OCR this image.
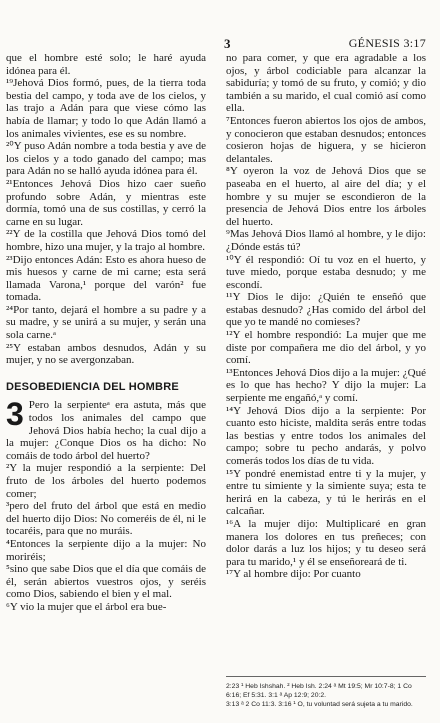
3	GÉNESIS 3:17

que el hombre esté solo; le haré ayuda idónea para él.

¹⁹Jehová Dios formó, pues, de la tierra toda bestia del campo, y toda ave de los cielos, y las trajo a Adán para que viese cómo las había de llamar; y todo lo que Adán llamó a los animales vivientes, ese es su nombre.

²⁰Y puso Adán nombre a toda bestia y ave de los cielos y a todo ganado del campo; mas para Adán no se halló ayuda idónea para él.

²¹Entonces Jehová Dios hizo caer sueño profundo sobre Adán, y mientras este dormía, tomó una de sus costillas, y cerró la carne en su lugar.

²²Y de la costilla que Jehová Dios tomó del hombre, hizo una mujer, y la trajo al hombre.

²³Dijo entonces Adán: Esto es ahora hueso de mis huesos y carne de mi carne; esta será llamada Varona,¹ porque del varón² fue tomada.

²⁴Por tanto, dejará el hombre a su padre y a su madre, y se unirá a su mujer, y serán una sola carne.ᵃ

²⁵Y estaban ambos desnudos, Adán y su mujer, y no se avergonzaban.

DESOBEDIENCIA DEL HOMBRE

3 Pero la serpienteᵃ era astuta, más que todos los animales del campo que Jehová Dios había hecho; la cual dijo a la mujer: ¿Conque Dios os ha dicho: No comáis de todo árbol del huerto?

²Y la mujer respondió a la serpiente: Del fruto de los árboles del huerto podemos comer;

³pero del fruto del árbol que está en medio del huerto dijo Dios: No comeréis de él, ni le tocaréis, para que no muráis.

⁴Entonces la serpiente dijo a la mujer: No moriréis;

⁵sino que sabe Dios que el día que comáis de él, serán abiertos vuestros ojos, y seréis como Dios, sabiendo el bien y el mal.

⁶Y vio la mujer que el árbol era bue-

no para comer, y que era agradable a los ojos, y árbol codiciable para alcanzar la sabiduría; y tomó de su fruto, y comió; y dio también a su marido, el cual comió así como ella.

⁷Entonces fueron abiertos los ojos de ambos, y conocieron que estaban desnudos; entonces cosieron hojas de higuera, y se hicieron delantales.

⁸Y oyeron la voz de Jehová Dios que se paseaba en el huerto, al aire del día; y el hombre y su mujer se escondieron de la presencia de Jehová Dios entre los árboles del huerto.

⁹Mas Jehová Dios llamó al hombre, y le dijo: ¿Dónde estás tú?

¹⁰Y él respondió: Oí tu voz en el huerto, y tuve miedo, porque estaba desnudo; y me escondí.

¹¹Y Dios le dijo: ¿Quién te enseñó que estabas desnudo? ¿Has comido del árbol del que yo te mandé no comieses?

¹²Y el hombre respondió: La mujer que me diste por compañera me dio del árbol, y yo comí.

¹³Entonces Jehová Dios dijo a la mujer: ¿Qué es lo que has hecho? Y dijo la mujer: La serpiente me engañó,ᵃ y comí.

¹⁴Y Jehová Dios dijo a la serpiente: Por cuanto esto hiciste, maldita serás entre todas las bestias y entre todos los animales del campo; sobre tu pecho andarás, y polvo comerás todos los días de tu vida.

¹⁵Y pondré enemistad entre ti y la mujer, y entre tu simiente y la simiente suya; esta te herirá en la cabeza, y tú le herirás en el calcañar.

¹⁶A la mujer dijo: Multiplicaré en gran manera los dolores en tus preñeces; con dolor darás a luz los hijos; y tu deseo será para tu marido,¹ y él se enseñoreará de ti.

¹⁷Y al hombre dijo: Por cuanto

2:23 ¹ Heb Ishshah. ² Heb Ish. 2:24 ᵃ Mt 19:5; Mr 10:7-8; 1 Co 6:16; Ef 5:31. 3:1 ᵃ Ap 12:9; 20:2.
3:13 ᵃ 2 Co 11:3. 3:16 ¹ O, tu voluntad será sujeta a tu marido.
